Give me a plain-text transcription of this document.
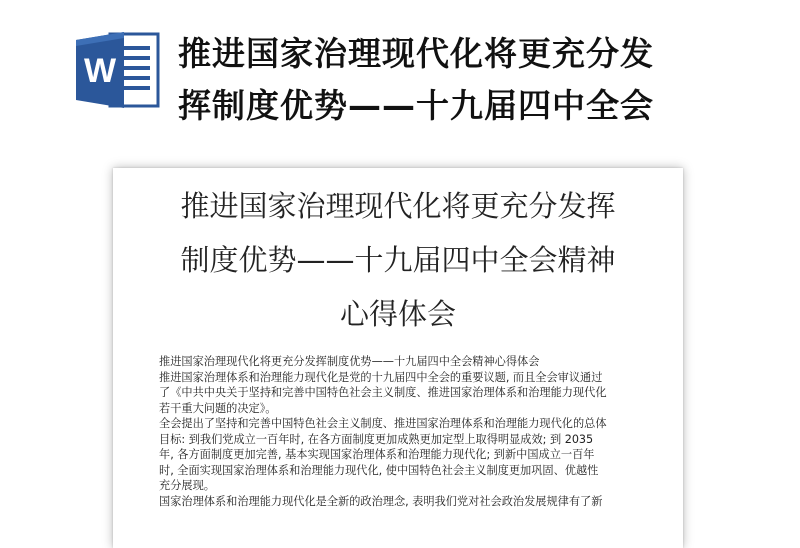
W 推进国家治理现代化将更充分发
挥制度优势——十九届四中全会
推进国家治理现代化将更充分发挥
制度优势——十九届四中全会精神
心得体会

推进国家治理现代化将更充分发挥制度优势——十九届四中全会精神心得体会

推进国家治理体系和治理能力现代化是党的十九届四中全会的重要议题, 而且全会审议通过

了《中共中央关于坚持和完善中国特色社会主义制度、推进国家治理体系和治理能力现代化

若干重大问题的决定》。

全会提出了坚持和完善中国特色社会主义制度、推进国家治理体系和治理能力现代化的总体

目标: 到我们党成立一百年时, 在各方面制度更加成熟更加定型上取得明显成效; 到 2035

年, 各方面制度更加完善, 基本实现国家治理体系和治理能力现代化; 到新中国成立一百年

时, 全面实现国家治理体系和治理能力现代化, 使中国特色社会主义制度更加巩固、优越性

充分展现。

国家治理体系和治理能力现代化是全新的政治理念, 表明我们党对社会政治发展规律有了新
